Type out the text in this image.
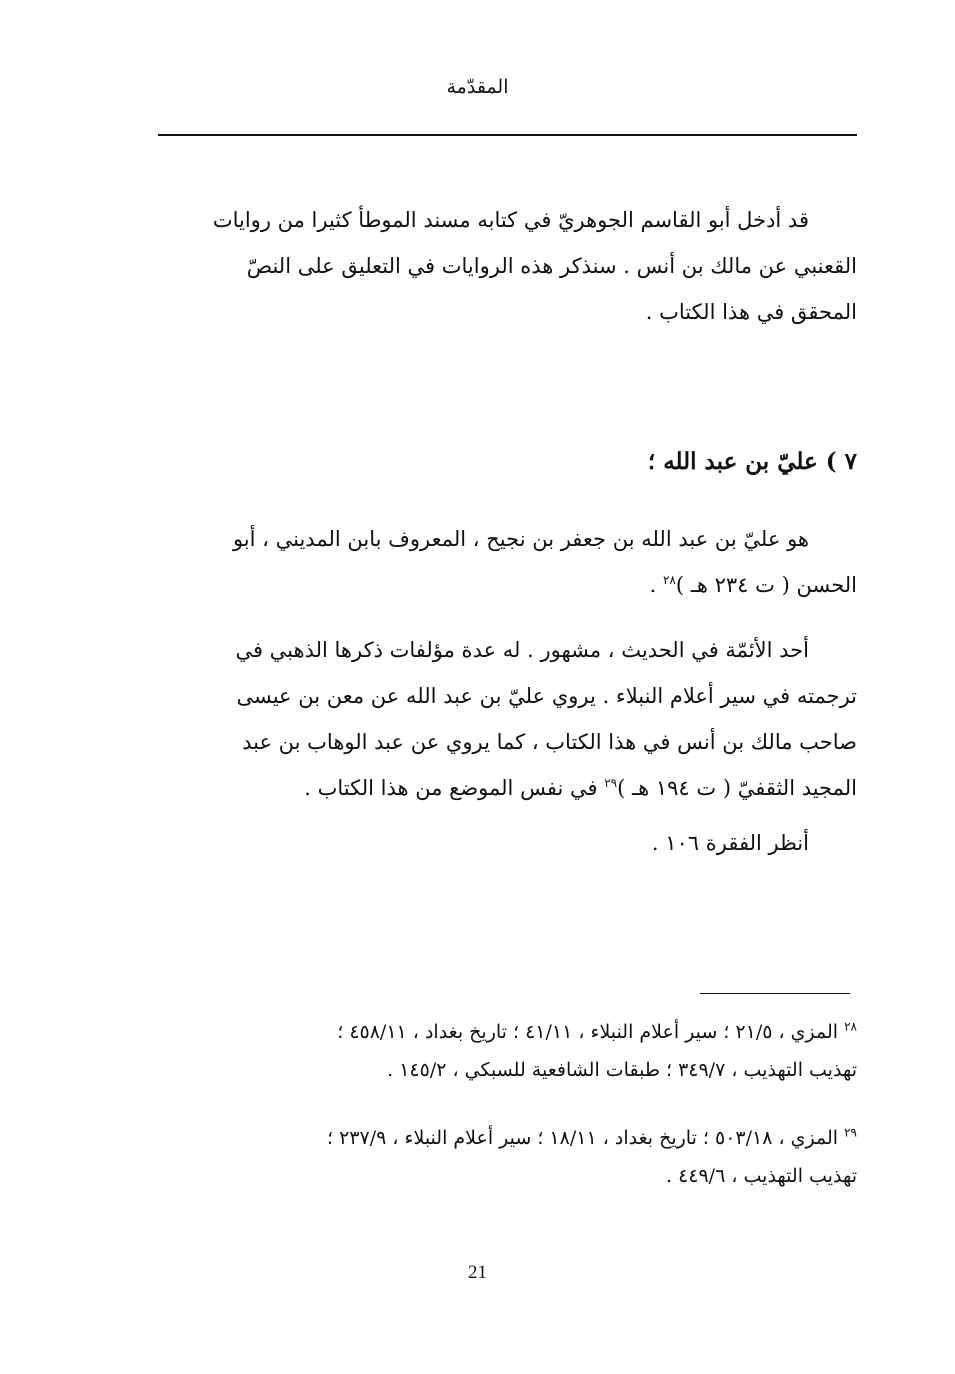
المقدّمة
قد أدخل أبو القاسم الجوهريّ في كتابه مسند الموطأ كثيرا من روايات
القعنبي عن مالك بن أنس . سنذكر هذه الروايات في التعليق على النصّ
المحقق في هذا الكتاب .
٧ ) عليّ بن عبد الله ؛
هو عليّ بن عبد الله بن جعفر بن نجيح ، المعروف بابن المديني ، أبو
الحسن ( ت ٢٣٤ هـ )$^{٢٨}$ .
أحد الأئمّة في الحديث ، مشهور . له عدة مؤلفات ذكرها الذهبي في
ترجمته في سير أعلام النبلاء . يروي عليّ بن عبد الله عن معن بن عيسى
صاحب مالك بن أنس في هذا الكتاب ، كما يروي عن عبد الوهاب بن عبد
المجيد الثقفيّ ( ت ١٩٤ هـ )$^{٢٩}$ في نفس الموضع من هذا الكتاب .
أنظر الفقرة ١٠٦ .
$^{٢٨}$ المزي ، ٢١/٥ ؛ سير أعلام النبلاء ، ٤١/١١ ؛ تاريخ بغداد ، ٤٥٨/١١ ؛
تهذيب التهذيب ، ٣٤٩/٧ ؛ طبقات الشافعية للسبكي ، ١٤٥/٢ .
$^{٢٩}$ المزي ، ٥٠٣/١٨ ؛ تاريخ بغداد ، ١٨/١١ ؛ سير أعلام النبلاء ، ٢٣٧/٩ ؛
تهذيب التهذيب ، ٤٤٩/٦ .
21
